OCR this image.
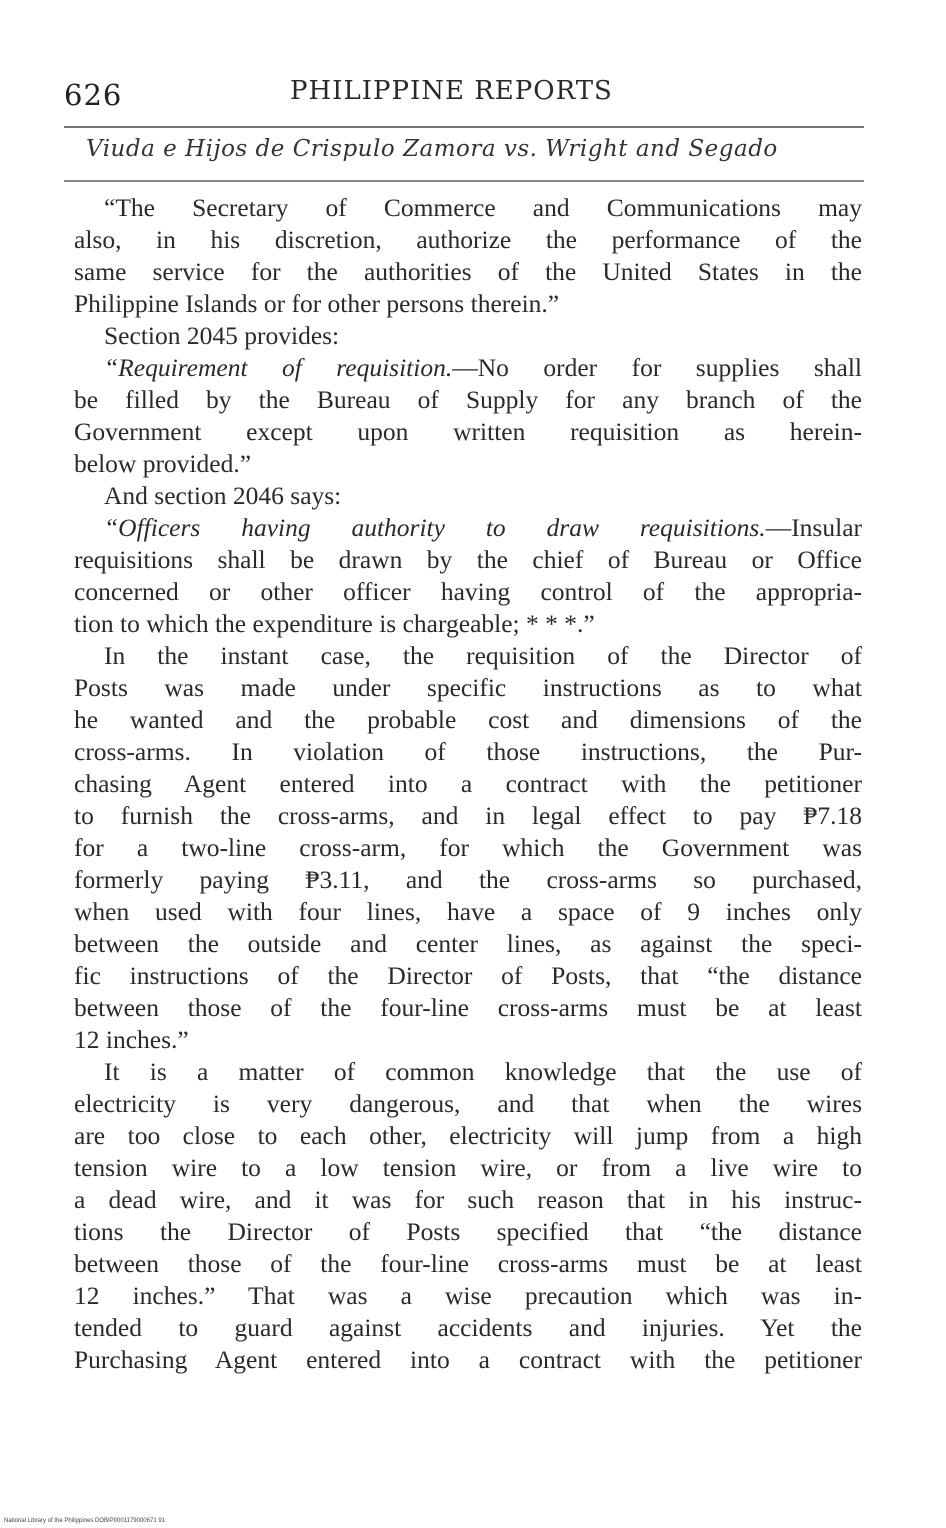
626	PHILIPPINE REPORTS
Viuda e Hijos de Crispulo Zamora vs. Wright and Segado
“The Secretary of Commerce and Communications may
also, in his discretion, authorize the performance of the
same service for the authorities of the United States in the
Philippine Islands or for other persons therein.”
Section 2045 provides:
“Requirement of requisition.—No order for supplies shall
be filled by the Bureau of Supply for any branch of the
Government except upon written requisition as herein-
below provided.”
And section 2046 says:
“Officers having authority to draw requisitions.—Insular
requisitions shall be drawn by the chief of Bureau or Office
concerned or other officer having control of the appropria-
tion to which the expenditure is chargeable; * * *.”
In the instant case, the requisition of the Director of
Posts was made under specific instructions as to what
he wanted and the probable cost and dimensions of the
cross-arms. In violation of those instructions, the Pur-
chasing Agent entered into a contract with the petitioner
to furnish the cross-arms, and in legal effect to pay ₱7.18
for a two-line cross-arm, for which the Government was
formerly paying ₱3.11, and the cross-arms so purchased,
when used with four lines, have a space of 9 inches only
between the outside and center lines, as against the speci-
fic instructions of the Director of Posts, that “the distance
between those of the four-line cross-arms must be at least
12 inches.”
It is a matter of common knowledge that the use of
electricity is very dangerous, and that when the wires
are too close to each other, electricity will jump from a high
tension wire to a low tension wire, or from a live wire to
a dead wire, and it was for such reason that in his instruc-
tions the Director of Posts specified that “the distance
between those of the four-line cross-arms must be at least
12 inches.” That was a wise precaution which was in-
tended to guard against accidents and injuries. Yet the
Purchasing Agent entered into a contract with the petitioner
National Library of the Philippines DOBIP0001179000671 91
